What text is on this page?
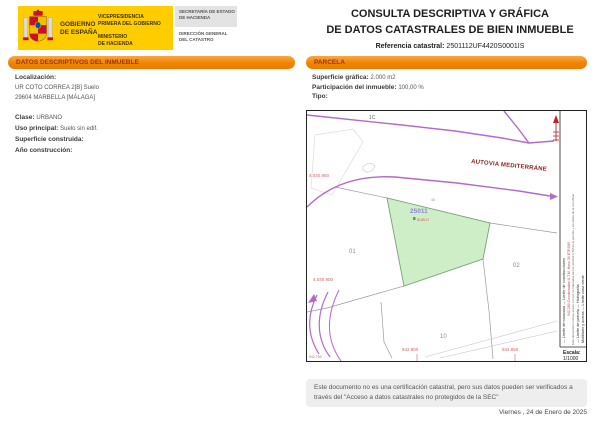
GOBIERNO
DE ESPAÑA
VICEPRESIDENCIA
PRIMERA DEL GOBIERNO
MINISTERIO
DE HACIENDA
SECRETARÍA DE ESTADO
DE HACIENDA
DIRECCIÓN GENERAL
DEL CATASTRO
CONSULTA DESCRIPTIVA Y GRÁFICA
DE DATOS CATASTRALES DE BIEN INMUEBLE
Referencia catastral: 2501112UF4420S0001IS
DATOS DESCRIPTIVOS DEL INMUEBLE	PARCELA
Localización:
UR COTO CORREA 2[B] Suelo
29604 MARBELLA [MÁLAGA]
Clase: URBANO
Uso principal: Suelo sin edif.
Superficie construida:
Año construcción:
Superficie gráfica: 2.000 m2
Participación del inmueble: 100,00 %
Tipo:
1C
AUTOVIA MEDITERRÁNE
4.040.950
4.040.900
942.800	942.850
942.750
25011
SUELO
01
02
10
46
— Límite de manzana — Límite de construcciones 942.280 Coordenadas U.T.M. Huso 30 ETRS89 Este documento incluye anexo con las coordenadas de los vértices UTM de la parcela y los datos de la red oficial — Límite de parcela — Hidrografía Mobiliario y aceras — Límite zona verde
Escala:
1/1000
Este documento no es una certificación catastral, pero sus datos pueden ser verificados a través del "Acceso a datos catastrales no protegidos de la SEC"
Viernes , 24 de Enero de 2025
